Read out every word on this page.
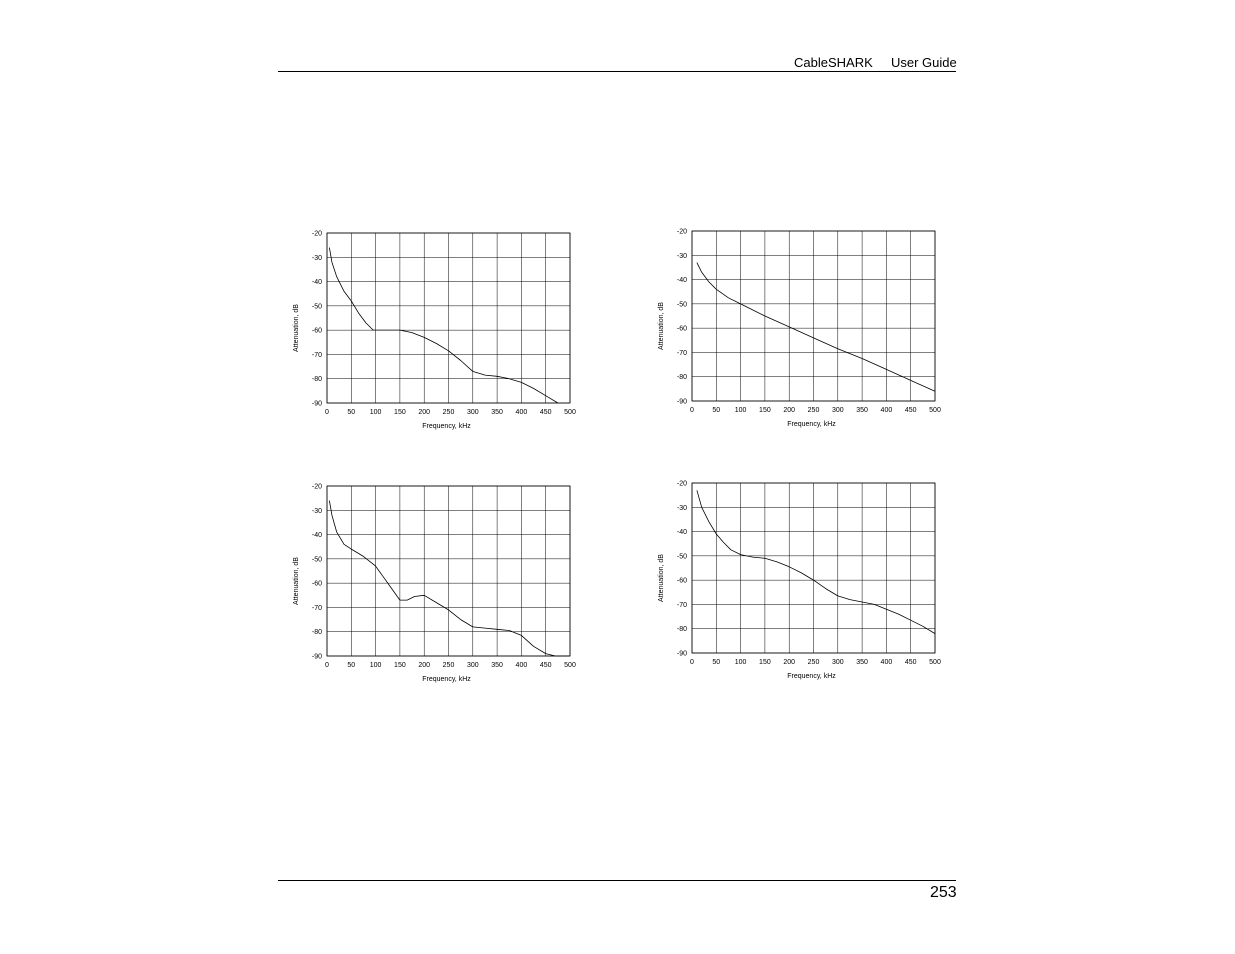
CableSHARK User Guide
0	50 100 150 200 250 300 350 400 450 500
-20
-30
-40
-50
-60
-70
-80
-90
Frequency, kHz
Attenuation, dB
0	50 100 150 200 250 300 350 400 450 500
-20
-30
-40
-50
-60
-70
-80
-90
Frequency, kHz
Attenuation, dB
0	50 100 150 200 250 300 350 400 450 500
-20
-30
-40
-50
-60
-70
-80
-90
Frequency, kHz
Attenuation, dB
0	50 100 150 200 250 300 350 400 450 500
-20
-30
-40
-50
-60
-70
-80
-90
Frequency, kHz
Attenuation, dB
253
